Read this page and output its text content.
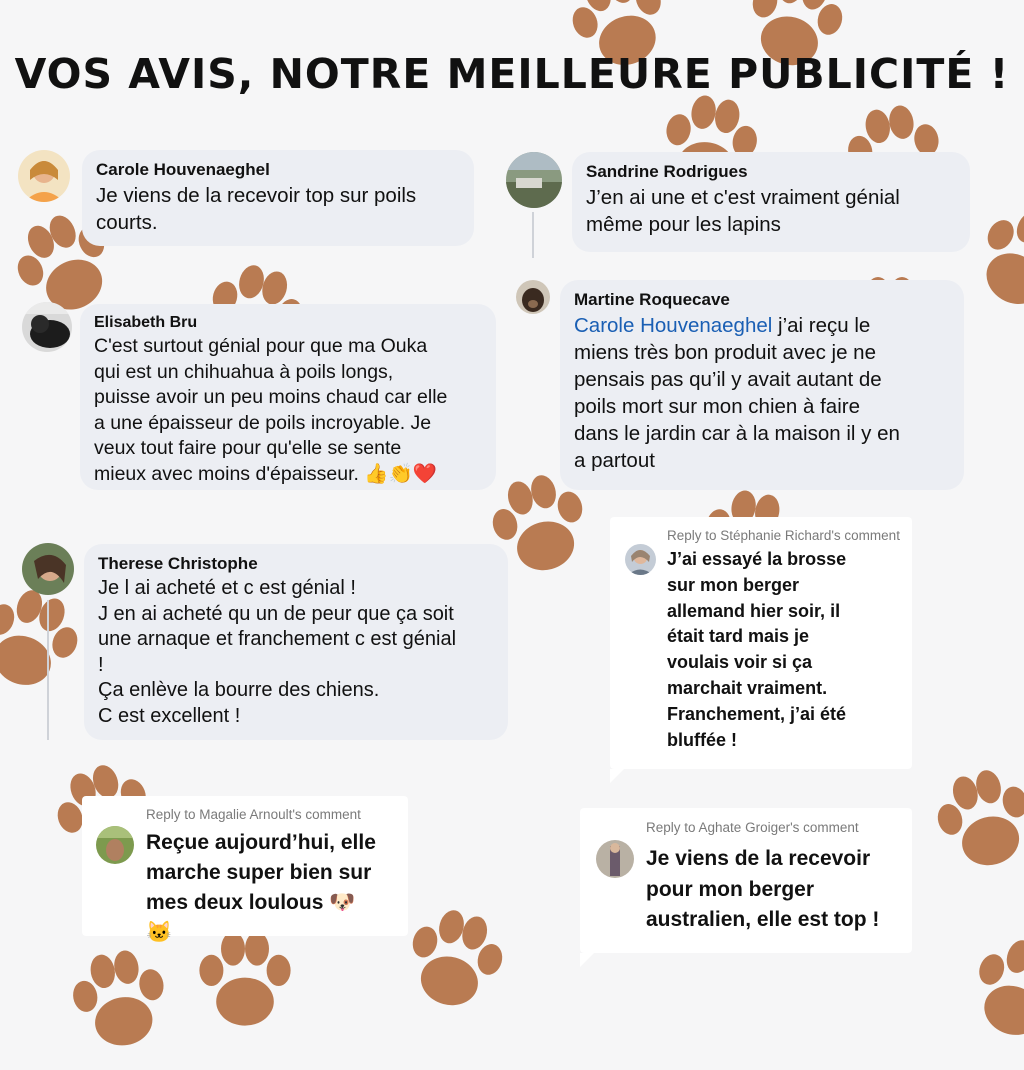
VOS AVIS, NOTRE MEILLEURE PUBLICITÉ !
Carole Houvenaeghel
Je viens de la recevoir top sur poils
courts.
Sandrine Rodrigues
J’en ai une et c'est vraiment génial
même pour les lapins
Elisabeth Bru
C'est surtout génial pour que ma Ouka
qui est un chihuahua à poils longs,
puisse avoir un peu moins chaud car elle
a une épaisseur de poils incroyable. Je
veux tout faire pour qu'elle se sente
mieux avec moins d'épaisseur. 👍👏❤️
Martine Roquecave
Carole Houvenaeghel j’ai reçu le
miens très bon produit avec je ne
pensais pas qu’il y avait autant de
poils mort sur mon chien à faire
dans le jardin car à la maison il y en
a partout
Therese Christophe
Je l ai acheté et c est génial !
J en ai acheté qu un de peur que ça soit
une arnaque et franchement c est génial
!
Ça enlève la bourre des chiens.
C est excellent !
Reply to Stéphanie Richard's comment
J’ai essayé la brosse
sur mon berger
allemand hier soir, il
était tard mais je
voulais voir si ça
marchait vraiment.
Franchement, j’ai été
bluffée !
Reply to Magalie Arnoult's comment
Reçue aujourd’hui, elle
marche super bien sur
mes deux loulous 🐶
🐱
Reply to Aghate Groiger's comment
Je viens de la recevoir
pour mon berger
australien, elle est top !
